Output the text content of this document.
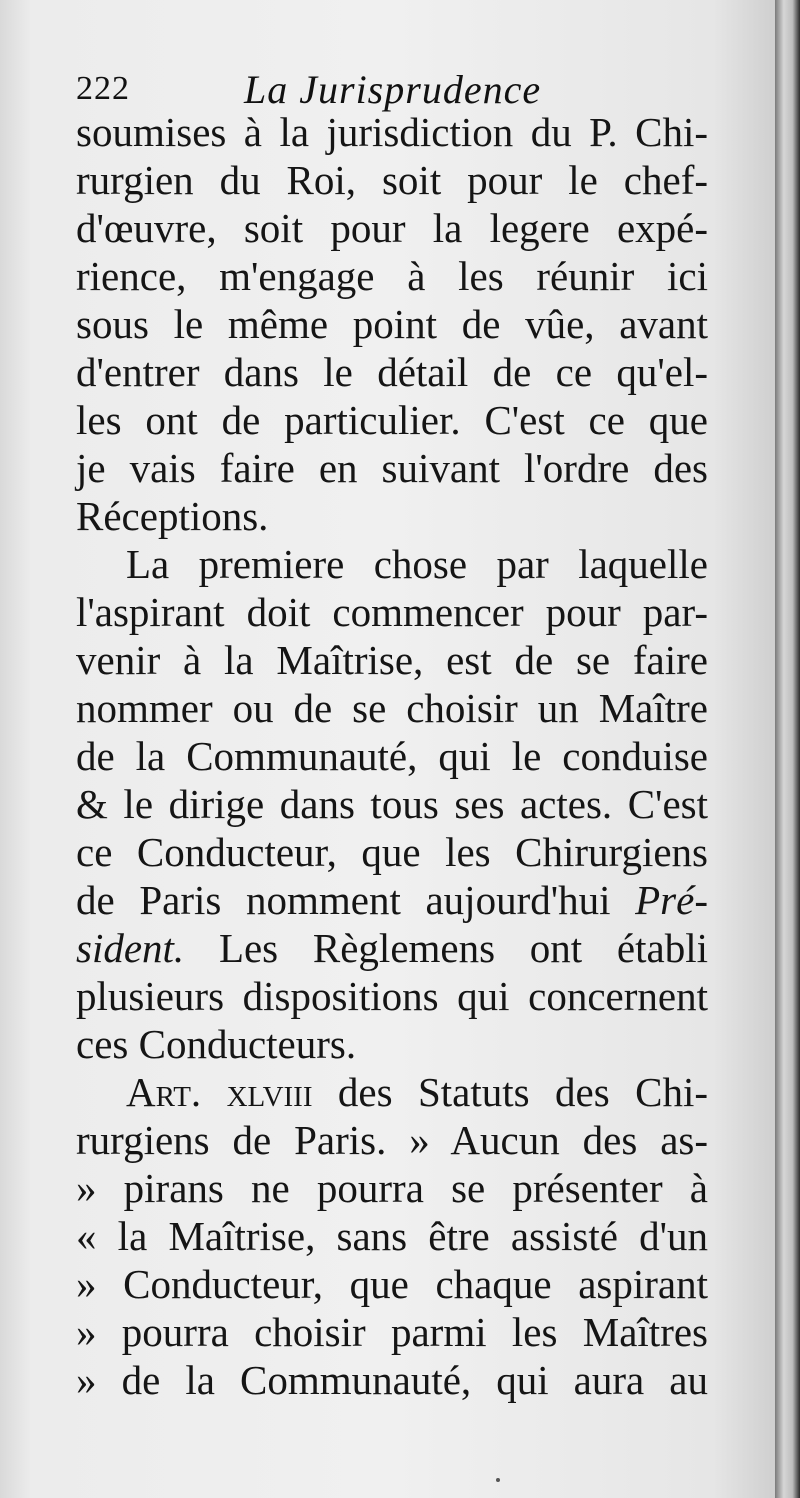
222	La Jurisprudence
soumises à la jurisdiction du P. Chi-
rurgien du Roi, soit pour le chef-
d'œuvre, soit pour la legere expé-
rience, m'engage à les réunir ici
sous le même point de vûe, avant
d'entrer dans le détail de ce qu'el-
les ont de particulier. C'est ce que
je vais faire en suivant l'ordre des
Réceptions.
La premiere chose par laquelle
l'aspirant doit commencer pour par-
venir à la Maîtrise, est de se faire
nommer ou de se choisir un Maître
de la Communauté, qui le conduise
& le dirige dans tous ses actes. C'est
ce Conducteur, que les Chirurgiens
de Paris nomment aujourd'hui Pré-
sident. Les Règlemens ont établi
plusieurs dispositions qui concernent
ces Conducteurs.
Art. xlviii des Statuts des Chi-
rurgiens de Paris. » Aucun des as-
» pirans ne pourra se présenter à
« la Maîtrise, sans être assisté d'un
» Conducteur, que chaque aspirant
» pourra choisir parmi les Maîtres
» de la Communauté, qui aura au
